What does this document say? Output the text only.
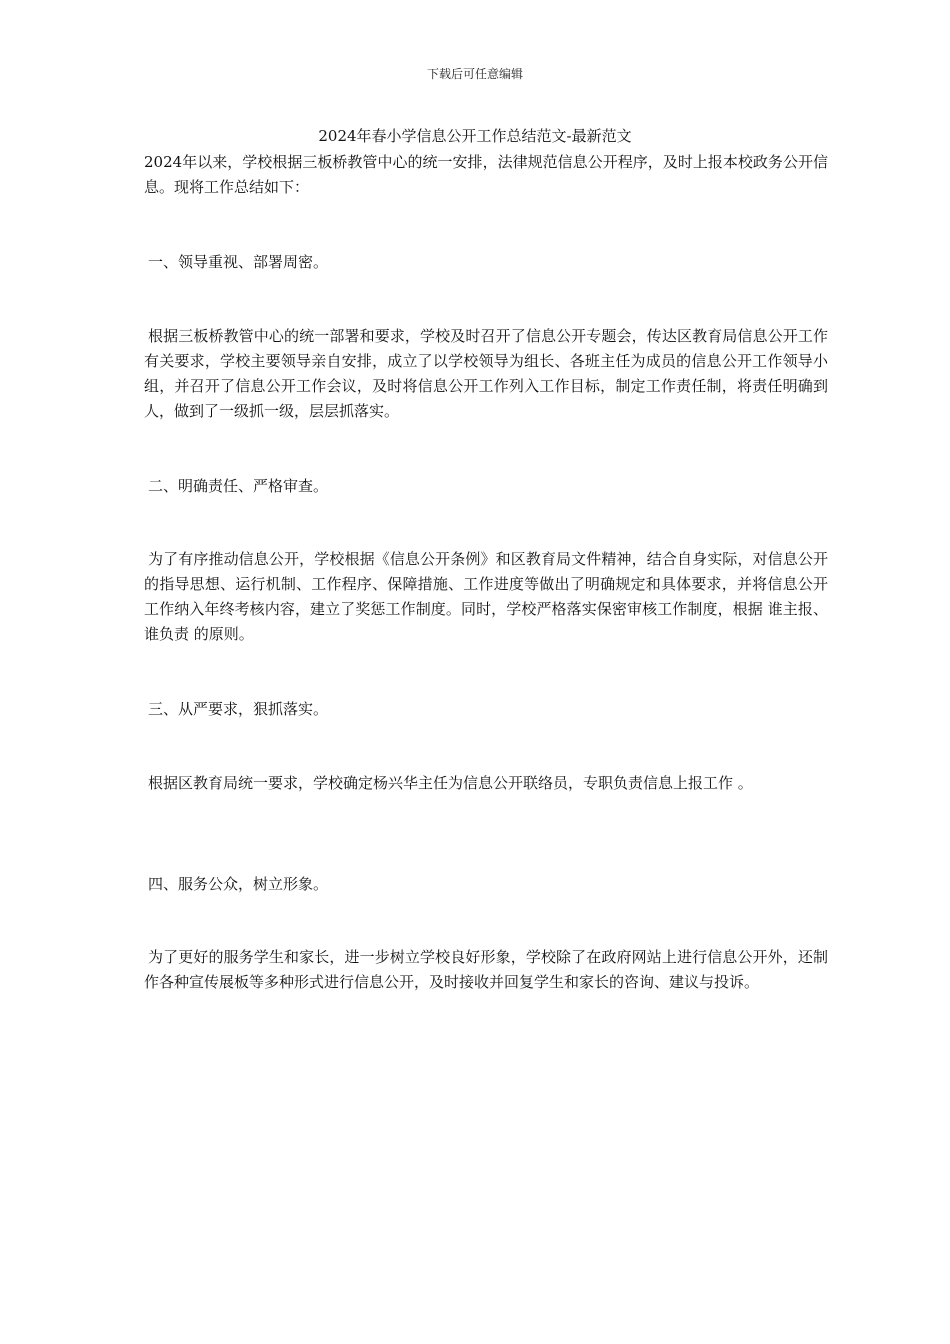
下载后可任意编辑
2024年春小学信息公开工作总结范文-最新范文

2024年以来，学校根据三板桥教管中心的统一安排，法律规范信息公开程序，及时上报本校政务公开信息。现将工作总结如下：

一、领导重视、部署周密。

根据三板桥教管中心的统一部署和要求，学校及时召开了信息公开专题会，传达区教育局信息公开工作有关要求，学校主要领导亲自安排，成立了以学校领导为组长、各班主任为成员的信息公开工作领导小组，并召开了信息公开工作会议，及时将信息公开工作列入工作目标，制定工作责任制，将责任明确到人，做到了一级抓一级，层层抓落实。

二、明确责任、严格审查。

为了有序推动信息公开，学校根据《信息公开条例》和区教育局文件精神，结合自身实际，对信息公开的指导思想、运行机制、工作程序、保障措施、工作进度等做出了明确规定和具体要求，并将信息公开工作纳入年终考核内容，建立了奖惩工作制度。同时，学校严格落实保密审核工作制度，根据 谁主报、谁负责 的原则。

三、从严要求，狠抓落实。

根据区教育局统一要求，学校确定杨兴华主任为信息公开联络员，专职负责信息上报工作 。

四、服务公众，树立形象。

为了更好的服务学生和家长，进一步树立学校良好形象，学校除了在政府网站上进行信息公开外，还制作各种宣传展板等多种形式进行信息公开，及时接收并回复学生和家长的咨询、建议与投诉。
